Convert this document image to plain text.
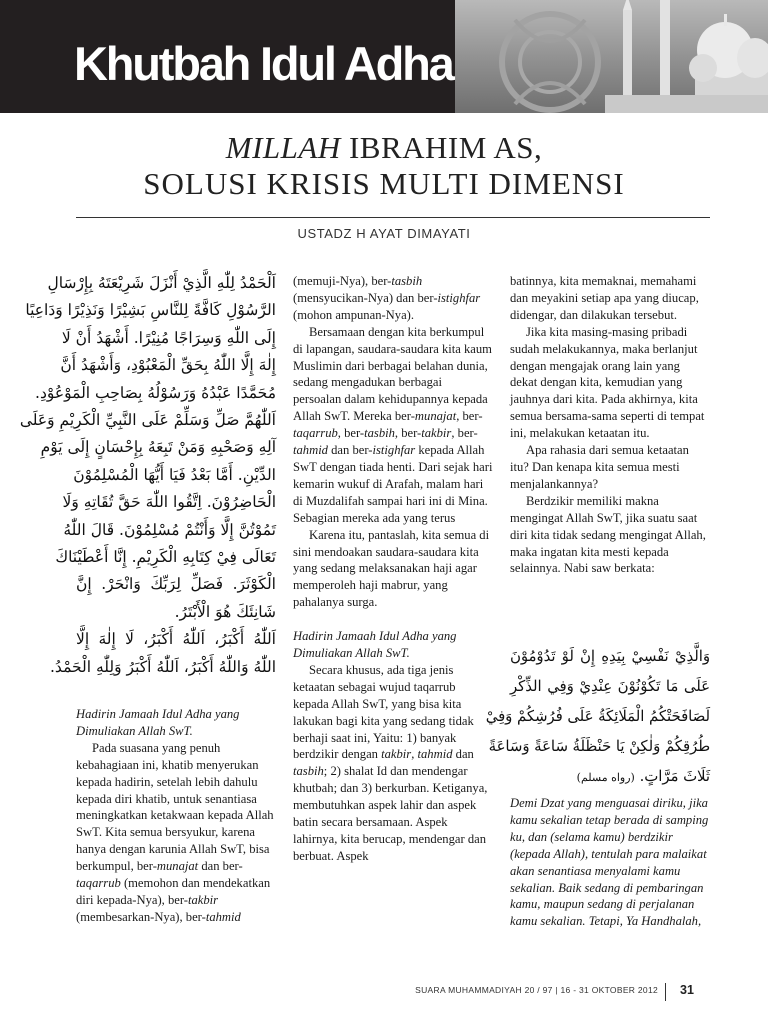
Khutbah Idul Adha
MILLAH IBRAHIM AS,
SOLUSI KRISIS MULTI DIMENSI
USTADZ H AYAT DIMAYATI
اَلْحَمْدُ لِلّٰهِ الَّذِيْ أَنْزَلَ شَرِيْعَتَهُ بِإِرْسَالِ
الرَّسُوْلِ كَافَّةً لِلنَّاسِ بَشِيْرًا وَنَذِيْرًا وَدَاعِيًا
إِلَى اللّٰهِ وَسِرَاجًا مُنِيْرًا. أَشْهَدُ أَنْ لَا
إِلٰهَ إِلَّا اللّٰهُ بِحَقِّ الْمَعْبُوْدِ، وَأَشْهَدُ أَنَّ
مُحَمَّدًا عَبْدُهُ وَرَسُوْلُهُ بِصَاحِبِ الْمَوْعُوْدِ.
اَللّٰهُمَّ صَلِّ وَسَلِّمْ عَلَى النَّبِيِّ الْكَرِيْمِ وَعَلَى
آلِهِ وَصَحْبِهِ وَمَنْ تَبِعَهُ بِإِحْسَانٍ إِلَى يَوْمِ
الدِّيْنِ. أَمَّا بَعْدُ فَيَا أَيُّهَا الْمُسْلِمُوْنَ
الْحَاضِرُوْنَ. اِتَّقُوا اللّٰهَ حَقَّ تُقَاتِهِ وَلَا
تَمُوْتُنَّ إِلَّا وَأَنْتُمْ مُسْلِمُوْنَ. قَالَ اللّٰهُ
تَعَالَى فِيْ كِتَابِهِ الْكَرِيْمِ. إِنَّا أَعْطَيْنَاكَ
الْكَوْثَرَ. فَصَلِّ لِرَبِّكَ وَانْحَرْ. إِنَّ
شَانِئَكَ هُوَ الْأَبْتَرُ.
اَللّٰهُ أَكْبَرُ، اَللّٰهُ أَكْبَرُ، لَا إِلٰهَ إِلَّا
اللّٰهُ وَاللّٰهُ أَكْبَرُ، اَللّٰهُ أَكْبَرُ وَلِلّٰهِ الْحَمْدُ.

Hadirin Jamaah Idul Adha yang Dimuliakan Allah SwT.

Pada suasana yang penuh kebahagiaan ini, khatib menyerukan kepada hadirin, setelah lebih dahulu kepada diri khatib, untuk senantiasa meningkatkan ketakwaan kepada Allah SwT. Kita semua bersyukur, karena hanya dengan karunia Allah SwT, bisa berkumpul, ber-munajat dan ber-taqarrub (memohon dan mendekatkan diri kepada-Nya), ber-takbir (membesarkan-Nya), ber-tahmid

(memuji-Nya), ber-tasbih (mensyucikan-Nya) dan ber-istighfar (mohon ampunan-Nya).

Bersamaan dengan kita berkumpul di lapangan, saudara-saudara kita kaum Muslimin dari berbagai belahan dunia, sedang mengadukan berbagai persoalan dalam kehidupannya kepada Allah SwT. Mereka ber-munajat, ber-taqarrub, ber-tasbih, ber-takbir, ber-tahmid dan ber-istighfar kepada Allah SwT dengan tiada henti. Dari sejak hari kemarin wukuf di Arafah, malam hari di Muzdalifah sampai hari ini di Mina. Sebagian mereka ada yang terus

Karena itu, pantaslah, kita semua di sini mendoakan saudara-saudara kita yang sedang melaksanakan haji agar memperoleh haji mabrur, yang pahalanya surga.

Hadirin Jamaah Idul Adha yang Dimuliakan Allah SwT.

Secara khusus, ada tiga jenis ketaatan sebagai wujud taqarrub kepada Allah SwT, yang bisa kita lakukan bagi kita yang sedang tidak berhaji saat ini, Yaitu: 1) banyak berdzikir dengan takbir, tahmid dan tasbih; 2) shalat Id dan mendengar khutbah; dan 3) berkurban. Ketiganya, membutuhkan aspek lahir dan aspek batin secara bersamaan. Aspek lahirnya, kita berucap, mendengar dan berbuat. Aspek

batinnya, kita memaknai, memahami dan meyakini setiap apa yang diucap, didengar, dan dilakukan tersebut.

Jika kita masing-masing pribadi sudah melakukannya, maka berlanjut dengan mengajak orang lain yang dekat dengan kita, kemudian yang jauhnya dari kita. Pada akhirnya, kita semua bersama-sama seperti di tempat ini, melakukan ketaatan itu.

Apa rahasia dari semua ketaatan itu? Dan kenapa kita semua mesti menjalankannya?

Berdzikir memiliki makna mengingat Allah SwT, jika suatu saat diri kita tidak sedang mengingat Allah, maka ingatan kita mesti kepada selainnya. Nabi saw berkata:

وَالَّذِيْ نَفْسِيْ بِيَدِهِ إِنْ لَوْ تَدُوْمُوْنَ
عَلَى مَا تَكُوْنُوْنَ عِنْدِيْ وَفِي الذِّكْرِ
لَصَافَحَتْكُمُ الْمَلَائِكَةُ عَلَى فُرُشِكُمْ وَفِيْ
طُرُقِكُمْ وَلٰكِنْ يَا حَنْظَلَةُ سَاعَةً وَسَاعَةً
ثَلَاثَ مَرَّاتٍ. (رواه مسلم)

Demi Dzat yang menguasai diriku, jika kamu sekalian tetap berada di samping ku, dan (selama kamu) berdzikir (kepada Allah), tentulah para malaikat akan senantiasa menyalami kamu sekalian. Baik sedang di pembaringan kamu, maupun sedang di perjalanan kamu sekalian. Tetapi, Ya Handhalah,

SUARA MUHAMMADIYAH 20 / 97 | 16 - 31 OKTOBER 2012 31
